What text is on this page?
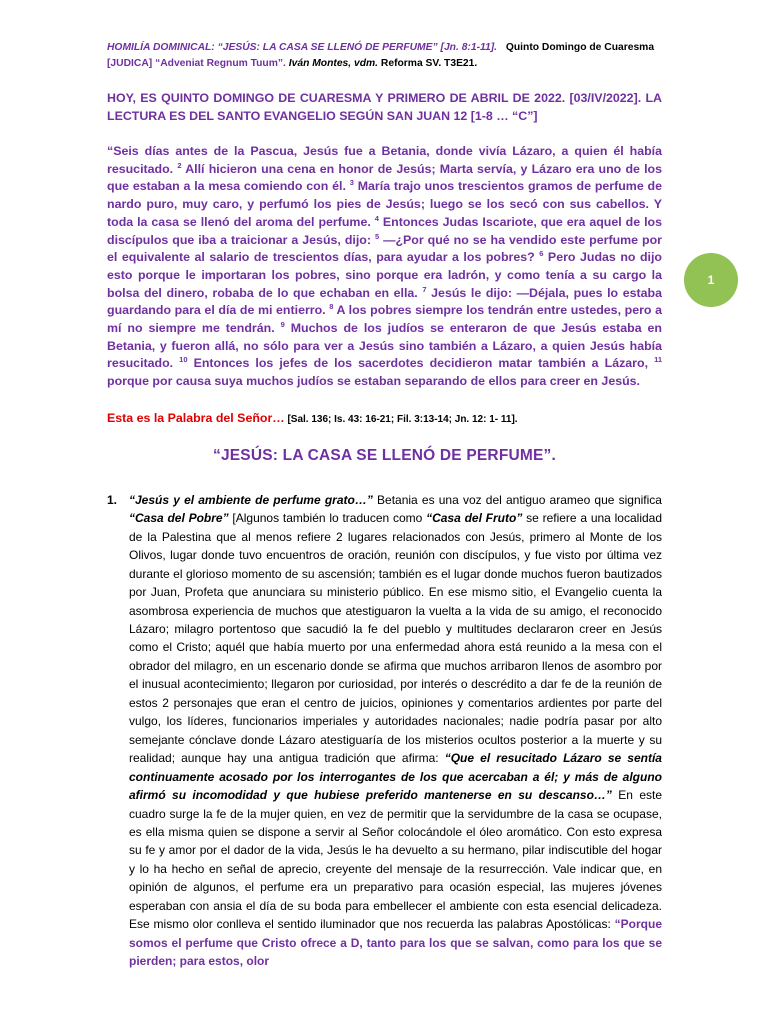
HOMILÍA DOMINICAL: “JESÚS: LA CASA SE LLENÓ DE PERFUME” [Jn. 8:1-11]. Quinto Domingo de Cuaresma
[JUDICA] “Adveniat Regnum Tuum”. Iván Montes, vdm. Reforma SV. T3E21.
HOY, ES QUINTO DOMINGO DE CUARESMA Y PRIMERO DE ABRIL DE 2022. [03/IV/2022]. LA LECTURA ES DEL SANTO EVANGELIO SEGÚN SAN JUAN 12 [1-8 … “C”]
“Seis días antes de la Pascua, Jesús fue a Betania, donde vivía Lázaro, a quien él había resucitado. $^2$ Allí hicieron una cena en honor de Jesús; Marta servía, y Lázaro era uno de los que estaban a la mesa comiendo con él. $^3$ María trajo unos trescientos gramos de perfume de nardo puro, muy caro, y perfumó los pies de Jesús; luego se los secó con sus cabellos. Y toda la casa se llenó del aroma del perfume. $^4$ Entonces Judas Iscariote, que era aquel de los discípulos que iba a traicionar a Jesús, dijo: $^5$ —¿Por qué no se ha vendido este perfume por el equivalente al salario de trescientos días, para ayudar a los pobres? $^6$ Pero Judas no dijo esto porque le importaran los pobres, sino porque era ladrón, y como tenía a su cargo la bolsa del dinero, robaba de lo que echaban en ella. $^7$ Jesús le dijo: —Déjala, pues lo estaba guardando para el día de mi entierro. $^8$ A los pobres siempre los tendrán entre ustedes, pero a mí no siempre me tendrán. $^9$ Muchos de los judíos se enteraron de que Jesús estaba en Betania, y fueron allá, no sólo para ver a Jesús sino también a Lázaro, a quien Jesús había resucitado. $^{10}$ Entonces los jefes de los sacerdotes decidieron matar también a Lázaro, $^{11}$ porque por causa suya muchos judíos se estaban separando de ellos para creer en Jesús.
Esta es la Palabra del Señor… [Sal. 136; Is. 43: 16-21; Fil. 3:13-14; Jn. 12: 1- 11].
“JESÚS: LA CASA SE LLENÓ DE PERFUME”.
1. “Jesús y el ambiente de perfume grato…” Betania es una voz del antiguo arameo que significa “Casa del Pobre” [Algunos también lo traducen como “Casa del Fruto” se refiere a una localidad de la Palestina que al menos refiere 2 lugares relacionados con Jesús, primero al Monte de los Olivos, lugar donde tuvo encuentros de oración, reunión con discípulos, y fue visto por última vez durante el glorioso momento de su ascensión; también es el lugar donde muchos fueron bautizados por Juan, Profeta que anunciara su ministerio público. En ese mismo sitio, el Evangelio cuenta la asombrosa experiencia de muchos que atestiguaron la vuelta a la vida de su amigo, el reconocido Lázaro; milagro portentoso que sacudió la fe del pueblo y multitudes declararon creer en Jesús como el Cristo; aquél que había muerto por una enfermedad ahora está reunido a la mesa con el obrador del milagro, en un escenario donde se afirma que muchos arribaron llenos de asombro por el inusual acontecimiento; llegaron por curiosidad, por interés o descrédito a dar fe de la reunión de estos 2 personajes que eran el centro de juicios, opiniones y comentarios ardientes por parte del vulgo, los líderes, funcionarios imperiales y autoridades nacionales; nadie podría pasar por alto semejante cónclave donde Lázaro atestiguaría de los misterios ocultos posterior a la muerte y su realidad; aunque hay una antigua tradición que afirma: “Que el resucitado Lázaro se sentía continuamente acosado por los interrogantes de los que acercaban a él; y más de alguno afirmó su incomodidad y que hubiese preferido mantenerse en su descanso…” En este cuadro surge la fe de la mujer quien, en vez de permitir que la servidumbre de la casa se ocupase, es ella misma quien se dispone a servir al Señor colocándole el óleo aromático. Con esto expresa su fe y amor por el dador de la vida, Jesús le ha devuelto a su hermano, pilar indiscutible del hogar y lo ha hecho en señal de aprecio, creyente del mensaje de la resurrección. Vale indicar que, en opinión de algunos, el perfume era un preparativo para ocasión especial, las mujeres jóvenes esperaban con ansia el día de su boda para embellecer el ambiente con esta esencial delicadeza. Ese mismo olor conlleva el sentido iluminador que nos recuerda las palabras Apostólicas: “Porque somos el perfume que Cristo ofrece a D, tanto para los que se salvan, como para los que se pierden; para estos, olor
1
